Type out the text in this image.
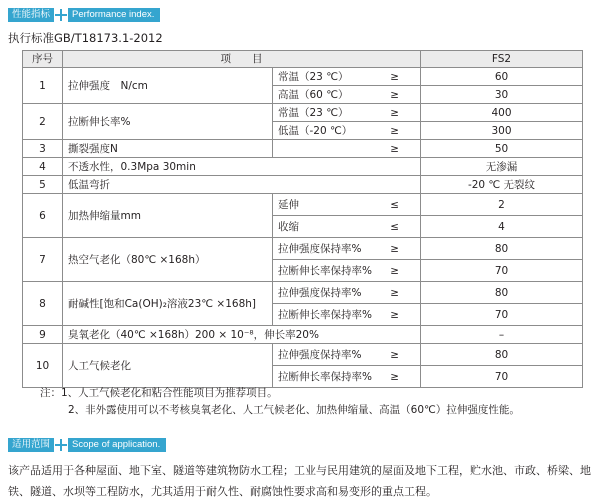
性能指标	Performance index.
执行标准GB/T18173.1-2012
序号	项　　目		FS2
1	拉伸强度　N/cm	常温（23 ℃） ≥	60

		高温（60 ℃） ≥	30
2	拉断伸长率%	常温（23 ℃） ≥	400

		低温（-20 ℃） ≥	300
3	撕裂强度N	≥	50
4	不透水性，0.3Mpa 30min		无渗漏
5	低温弯折		-20 ℃ 无裂纹
6	加热伸缩量mm	延伸 ≤	2

		收缩 ≤	4
7	热空气老化（80℃ ×168h）	拉伸强度保持率% ≥	80

		拉断伸长率保持率% ≥	70
8	耐碱性[饱和Ca(OH)₂溶液23℃ ×168h]	拉伸强度保持率% ≥	80

		拉断伸长率保持率% ≥	70
9	臭氧老化（40℃ ×168h）200 × 10⁻⁸，伸长率20%		–
10	人工气候老化	拉伸强度保持率% ≥	80

		拉断伸长率保持率% ≥	70
注：1、人工气候老化和粘合性能项目为推荐项目。
2、非外露使用可以不考核臭氧老化、人工气候老化、加热伸缩量、高温（60℃）拉伸强度性能。
适用范围	Scope of application.
该产品适用于各种屋面、地下室、隧道等建筑物防水工程；工业与民用建筑的屋面及地下工程，贮水池、市政、桥梁、地铁、隧道、水坝等工程防水，尤其适用于耐久性、耐腐蚀性要求高和易变形的重点工程。
